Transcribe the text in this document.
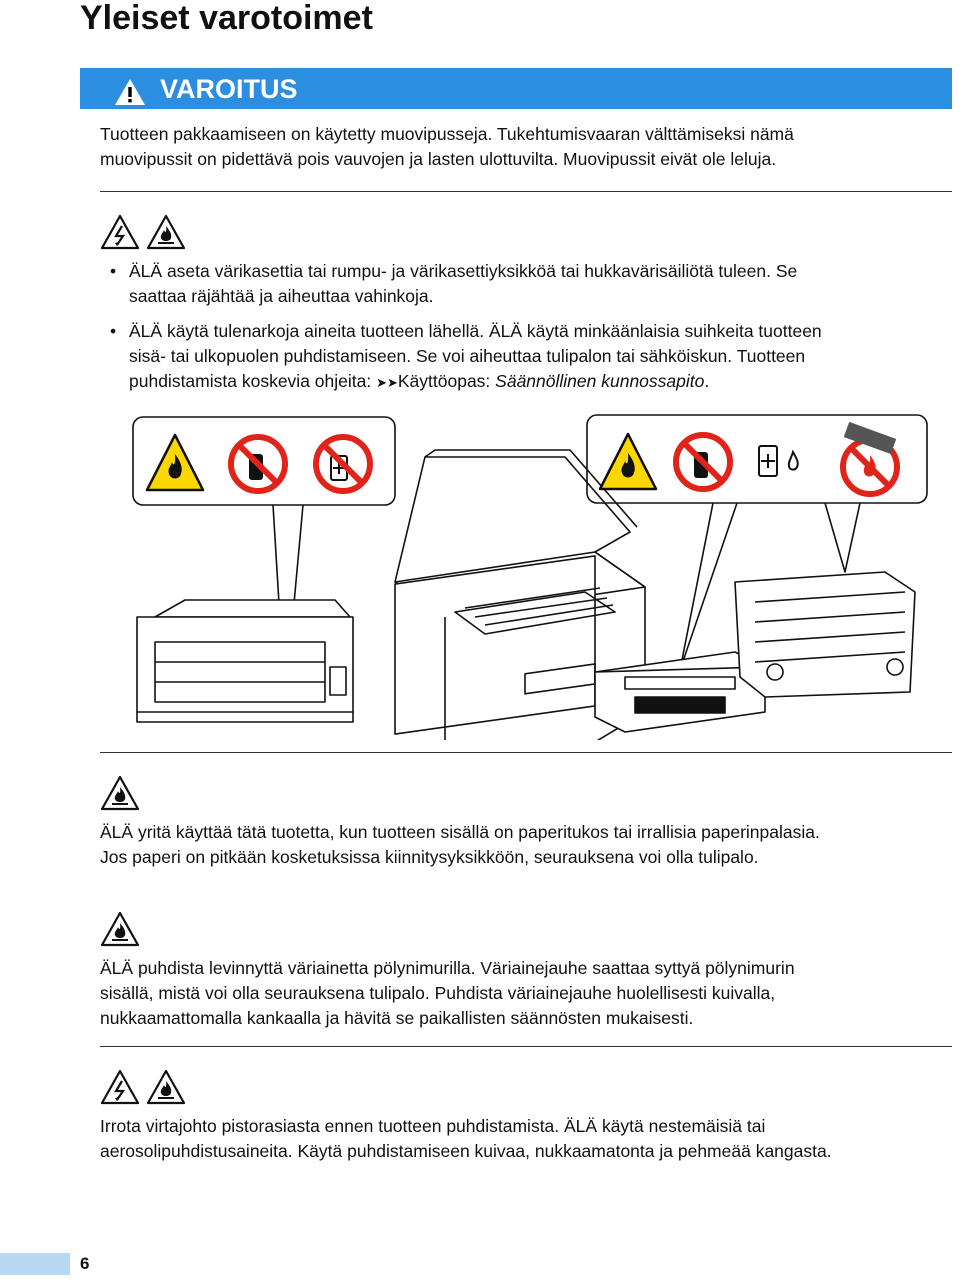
Yleiset varotoimet
VAROITUS
Tuotteen pakkaamiseen on käytetty muovipusseja. Tukehtumisvaaran välttämiseksi nämä
muovipussit on pidettävä pois vauvojen ja lasten ulottuvilta. Muovipussit eivät ole leluja.
• ÄLÄ aseta värikasettia tai rumpu- ja värikasettiyksikköä tai hukkavärisäiliötä tuleen. Se
saattaa räjähtää ja aiheuttaa vahinkoja.
• ÄLÄ käytä tulenarkoja aineita tuotteen lähellä. ÄLÄ käytä minkäänlaisia suihkeita tuotteen
sisä- tai ulkopuolen puhdistamiseen. Se voi aiheuttaa tulipalon tai sähköiskun. Tuotteen
puhdistamista koskevia ohjeita: ➤➤Käyttöopas: Säännöllinen kunnossapito.
ÄLÄ yritä käyttää tätä tuotetta, kun tuotteen sisällä on paperitukos tai irrallisia paperinpalasia.
Jos paperi on pitkään kosketuksissa kiinnitysyksikköön, seurauksena voi olla tulipalo.
ÄLÄ puhdista levinnyttä väriainetta pölynimurilla. Väriainejauhe saattaa syttyä pölynimurin
sisällä, mistä voi olla seurauksena tulipalo. Puhdista väriainejauhe huolellisesti kuivalla,
nukkaamattomalla kankaalla ja hävitä se paikallisten säännösten mukaisesti.
Irrota virtajohto pistorasiasta ennen tuotteen puhdistamista. ÄLÄ käytä nestemäisiä tai
aerosolipuhdistusaineita. Käytä puhdistamiseen kuivaa, nukkaamatonta ja pehmeää kangasta.
6
